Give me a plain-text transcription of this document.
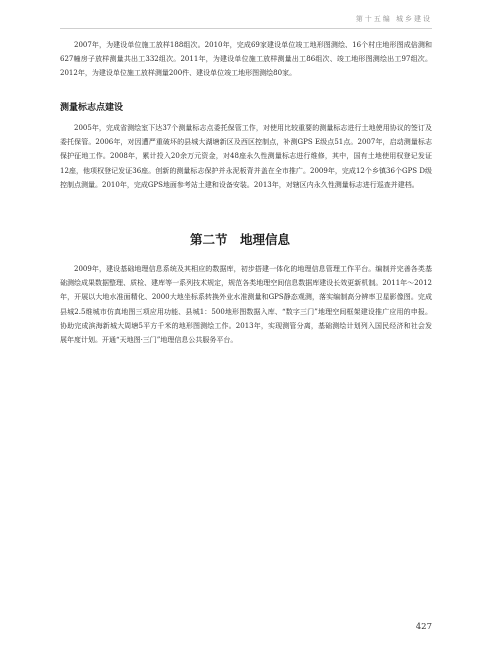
第十五编 城乡建设

2007年，为建设单位施工放样188组次。2010年，完成69家建设单位竣工地形图测绘、16个村庄地形图成倍测和627幢房子放样测量共出工332组次。2011年，为建设单位施工放样测量出工86组次、竣工地形图测绘出工97组次。2012年，为建设单位施工放样测量200件、建设单位竣工地形图测绘80家。

测量标志点建设

2005年，完成省测绘室下达37个测量标志点委托保管工作，对使用比较重要的测量标志进行土地使用协议的签订及委托保管。2006年，对因遭严重破坏的县城大湖塘新区及西区控制点，补测GPS E级点51点。2007年，启动测量标志保护征地工作。2008年，累计投入20余万元资金，对48座永久性测量标志进行维修，其中，国有土地使用权登记发证12座，他项权登记发证36座。创新的测量标志保护并永泥板背并盖在全市推广。2009年，完成12个乡镇36个GPS D级控制点测量。2010年，完成GPS地面参考站土建和设备安装。2013年，对辖区内永久性测量标志进行巡查并建档。

第二节　地理信息

2009年，建设基础地理信息系统及其相应的数据库，初步搭建一体化的地理信息管理工作平台。编制并完善各类基础测绘成果数据整理、质检、建库等一系列技术规定，规范各类地理空间信息数据库建设长效更新机制。2011年～2012年，开展以大地水准面精化、2000大地坐标系转换外业水准测量和GPS静态观测，落实编制高分辨率卫星影像图。完成县城2.5维城市仿真地图三项应用功能、县城1：500地形图数据入库、“数字三门”地理空间框架建设推广应用的申报。协助完成滨海新城大周塘5平方千米的地形图测绘工作。2013年，实现测管分离，基础测绘计划列入国民经济和社会发展年度计划。开通“天地图·三门”地理信息公共服务平台。

427
